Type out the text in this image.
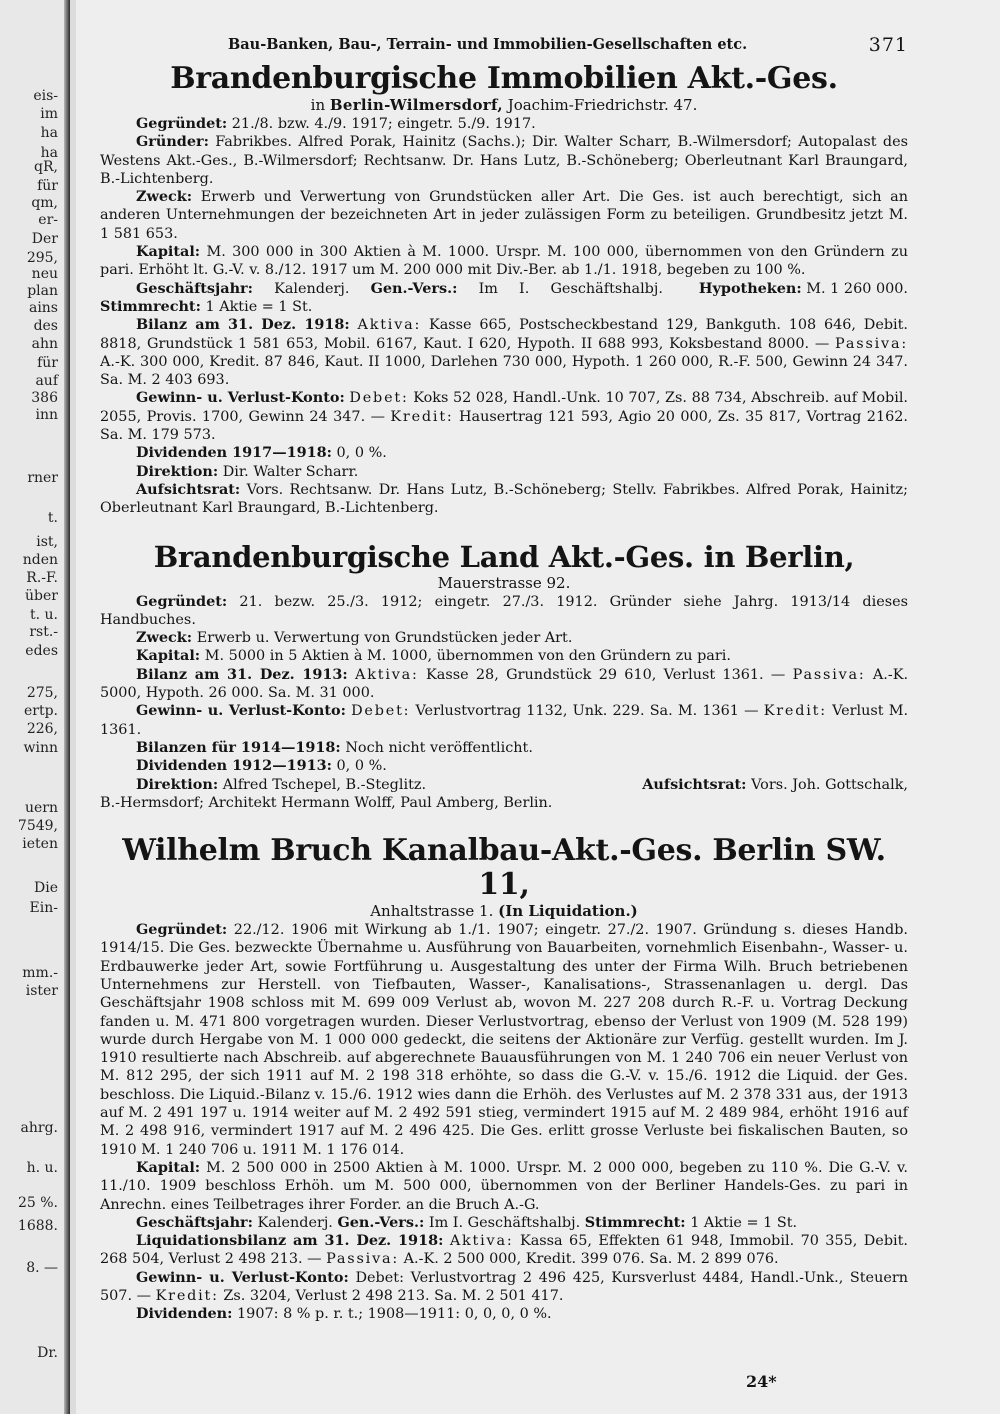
eis-
im
ha
ha
qR,
für
qm,
er-
Der
295,
neu
plan
ains
des
ahn
für
auf
386
inn
rner
t.
ist,
nden
R.-F.
über
t. u.
rst.-
edes
275,
ertp.
226,
winn
uern
7549,
ieten
Die
Ein-
mm.-
ister
ahrg.
h. u.
25 %.
1688.
8. —
Dr.
Bau-Banken, Bau-, Terrain- und Immobilien-Gesellschaften etc.	371
Brandenburgische Immobilien Akt.-Ges.

in Berlin-Wilmersdorf, Joachim-Friedrichstr. 47.

Gegründet: 21./8. bzw. 4./9. 1917; eingetr. 5./9. 1917.

Gründer: Fabrikbes. Alfred Porak, Hainitz (Sachs.); Dir. Walter Scharr, B.-Wilmersdorf; Autopalast des Westens Akt.-Ges., B.-Wilmersdorf; Rechtsanw. Dr. Hans Lutz, B.-Schöneberg; Oberleutnant Karl Braungard, B.-Lichtenberg.

Zweck: Erwerb und Verwertung von Grundstücken aller Art. Die Ges. ist auch berechtigt, sich an anderen Unternehmungen der bezeichneten Art in jeder zulässigen Form zu beteiligen. Grundbesitz jetzt M. 1 581 653.

Kapital: M. 300 000 in 300 Aktien à M. 1000. Urspr. M. 100 000, übernommen von den Gründern zu pari. Erhöht lt. G.-V. v. 8./12. 1917 um M. 200 000 mit Div.-Ber. ab 1./1. 1918, begeben zu 100 %.
Hypotheken: M. 1 260 000.

Geschäftsjahr: Kalenderj. Gen.-Vers.: Im I. Geschäftshalbj. Stimmrecht: 1 Aktie = 1 St.

Bilanz am 31. Dez. 1918: Aktiva: Kasse 665, Postscheckbestand 129, Bankguth. 108 646, Debit. 8818, Grundstück 1 581 653, Mobil. 6167, Kaut. I 620, Hypoth. II 688 993, Koksbestand 8000. — Passiva: A.-K. 300 000, Kredit. 87 846, Kaut. II 1000, Darlehen 730 000, Hypoth. 1 260 000, R.-F. 500, Gewinn 24 347. Sa. M. 2 403 693.

Gewinn- u. Verlust-Konto: Debet: Koks 52 028, Handl.-Unk. 10 707, Zs. 88 734, Abschreib. auf Mobil. 2055, Provis. 1700, Gewinn 24 347. — Kredit: Hausertrag 121 593, Agio 20 000, Zs. 35 817, Vortrag 2162. Sa. M. 179 573.

Dividenden 1917—1918: 0, 0 %.

Direktion: Dir. Walter Scharr.

Aufsichtsrat: Vors. Rechtsanw. Dr. Hans Lutz, B.-Schöneberg; Stellv. Fabrikbes. Alfred Porak, Hainitz; Oberleutnant Karl Braungard, B.-Lichtenberg.

Brandenburgische Land Akt.-Ges. in Berlin,

Mauerstrasse 92.

Gegründet: 21. bezw. 25./3. 1912; eingetr. 27./3. 1912. Gründer siehe Jahrg. 1913/14 dieses Handbuches.

Zweck: Erwerb u. Verwertung von Grundstücken jeder Art.

Kapital: M. 5000 in 5 Aktien à M. 1000, übernommen von den Gründern zu pari.

Bilanz am 31. Dez. 1913: Aktiva: Kasse 28, Grundstück 29 610, Verlust 1361. — Passiva: A.-K. 5000, Hypoth. 26 000. Sa. M. 31 000.

Gewinn- u. Verlust-Konto: Debet: Verlustvortrag 1132, Unk. 229. Sa. M. 1361 — Kredit: Verlust M. 1361.

Bilanzen für 1914—1918: Noch nicht veröffentlicht.

Dividenden 1912—1913: 0, 0 %.

Direktion: Alfred Tschepel, B.-Steglitz.	Aufsichtsrat: Vors. Joh. Gottschalk,

B.-Hermsdorf; Architekt Hermann Wolff, Paul Amberg, Berlin.

Wilhelm Bruch Kanalbau-Akt.-Ges. Berlin SW. 11,

Anhaltstrasse 1. (In Liquidation.)

Gegründet: 22./12. 1906 mit Wirkung ab 1./1. 1907; eingetr. 27./2. 1907. Gründung s. dieses Handb. 1914/15. Die Ges. bezweckte Übernahme u. Ausführung von Bauarbeiten, vornehmlich Eisenbahn-, Wasser- u. Erdbauwerke jeder Art, sowie Fortführung u. Ausgestaltung des unter der Firma Wilh. Bruch betriebenen Unternehmens zur Herstell. von Tiefbauten, Wasser-, Kanalisations-, Strassenanlagen u. dergl. Das Geschäftsjahr 1908 schloss mit M. 699 009 Verlust ab, wovon M. 227 208 durch R.-F. u. Vortrag Deckung fanden u. M. 471 800 vorgetragen wurden. Dieser Verlustvortrag, ebenso der Verlust von 1909 (M. 528 199) wurde durch Hergabe von M. 1 000 000 gedeckt, die seitens der Aktionäre zur Verfüg. gestellt wurden. Im J. 1910 resultierte nach Abschreib. auf abgerechnete Bauausführungen von M. 1 240 706 ein neuer Verlust von M. 812 295, der sich 1911 auf M. 2 198 318 erhöhte, so dass die G.-V. v. 15./6. 1912 die Liquid. der Ges. beschloss. Die Liquid.-Bilanz v. 15./6. 1912 wies dann die Erhöh. des Verlustes auf M. 2 378 331 aus, der 1913 auf M. 2 491 197 u. 1914 weiter auf M. 2 492 591 stieg, vermindert 1915 auf M. 2 489 984, erhöht 1916 auf M. 2 498 916, vermindert 1917 auf M. 2 496 425. Die Ges. erlitt grosse Verluste bei fiskalischen Bauten, so 1910 M. 1 240 706 u. 1911 M. 1 176 014.

Kapital: M. 2 500 000 in 2500 Aktien à M. 1000. Urspr. M. 2 000 000, begeben zu 110 %. Die G.-V. v. 11./10. 1909 beschloss Erhöh. um M. 500 000, übernommen von der Berliner Handels-Ges. zu pari in Anrechn. eines Teilbetrages ihrer Forder. an die Bruch A.-G.

Geschäftsjahr: Kalenderj. Gen.-Vers.: Im I. Geschäftshalbj. Stimmrecht: 1 Aktie = 1 St.

Liquidationsbilanz am 31. Dez. 1918: Aktiva: Kassa 65, Effekten 61 948, Immobil. 70 355, Debit. 268 504, Verlust 2 498 213. — Passiva: A.-K. 2 500 000, Kredit. 399 076. Sa. M. 2 899 076.

Gewinn- u. Verlust-Konto: Debet: Verlustvortrag 2 496 425, Kursverlust 4484, Handl.-Unk., Steuern 507. — Kredit: Zs. 3204, Verlust 2 498 213. Sa. M. 2 501 417.

Dividenden: 1907: 8 % p. r. t.; 1908—1911: 0, 0, 0, 0 %.

24*
